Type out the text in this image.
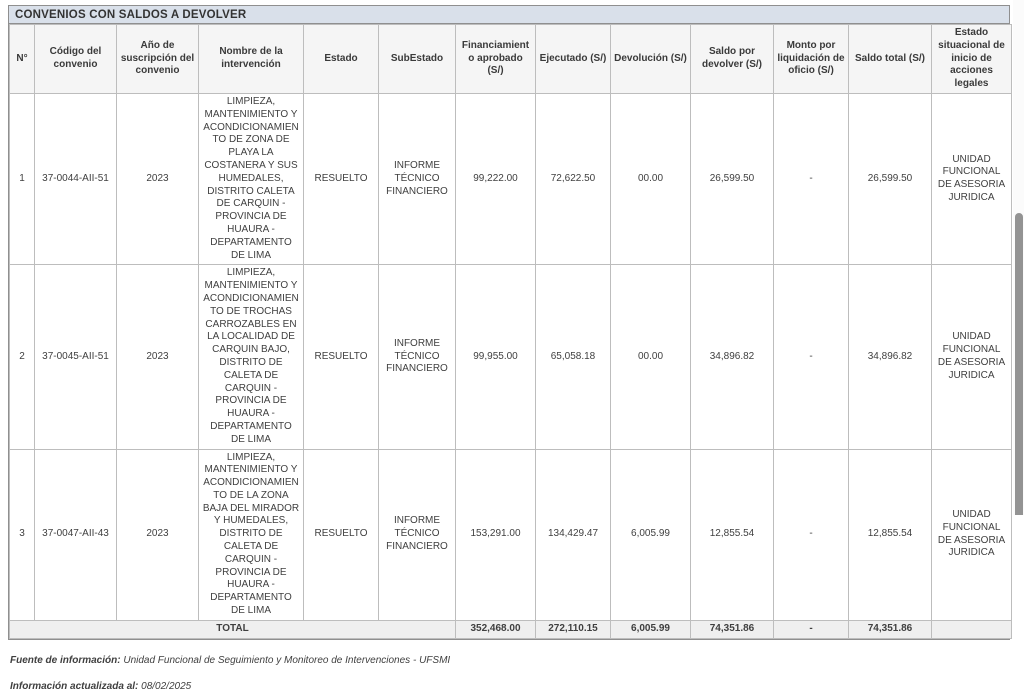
CONVENIOS CON SALDOS A DEVOLVER
N°	Código del convenio	Año de suscripción del convenio	Nombre de la intervención	Estado	SubEstado	Financiamiento aprobado (S/)	Ejecutado (S/)	Devolución (S/)	Saldo por devolver (S/)	Monto por liquidación de oficio (S/)	Saldo total (S/)	Estado situacional de inicio de acciones legales
1	37-0044-AII-51	2023	LIMPIEZA, MANTENIMIENTO Y ACONDICIONAMIENTO DE ZONA DE PLAYA LA COSTANERA Y SUS HUMEDALES, DISTRITO CALETA DE CARQUIN - PROVINCIA DE HUAURA - DEPARTAMENTO DE LIMA	RESUELTO	INFORME TÉCNICO FINANCIERO	99,222.00	72,622.50	00.00	26,599.50	-	26,599.50	UNIDAD FUNCIONAL DE ASESORIA JURIDICA
2	37-0045-AII-51	2023	LIMPIEZA, MANTENIMIENTO Y ACONDICIONAMIENTO DE TROCHAS CARROZABLES EN LA LOCALIDAD DE CARQUIN BAJO, DISTRITO DE CALETA DE CARQUIN - PROVINCIA DE HUAURA - DEPARTAMENTO DE LIMA	RESUELTO	INFORME TÉCNICO FINANCIERO	99,955.00	65,058.18	00.00	34,896.82	-	34,896.82	UNIDAD FUNCIONAL DE ASESORIA JURIDICA
3	37-0047-AII-43	2023	LIMPIEZA, MANTENIMIENTO Y ACONDICIONAMIENTO DE LA ZONA BAJA DEL MIRADOR Y HUMEDALES, DISTRITO DE CALETA DE CARQUIN - PROVINCIA DE HUAURA - DEPARTAMENTO DE LIMA	RESUELTO	INFORME TÉCNICO FINANCIERO	153,291.00	134,429.47	6,005.99	12,855.54	-	12,855.54	UNIDAD FUNCIONAL DE ASESORIA JURIDICA
TOTAL						352,468.00	272,110.15	6,005.99	74,351.86	-	74,351.86	
Fuente de información: Unidad Funcional de Seguimiento y Monitoreo de Intervenciones - UFSMI
Información actualizada al: 08/02/2025
